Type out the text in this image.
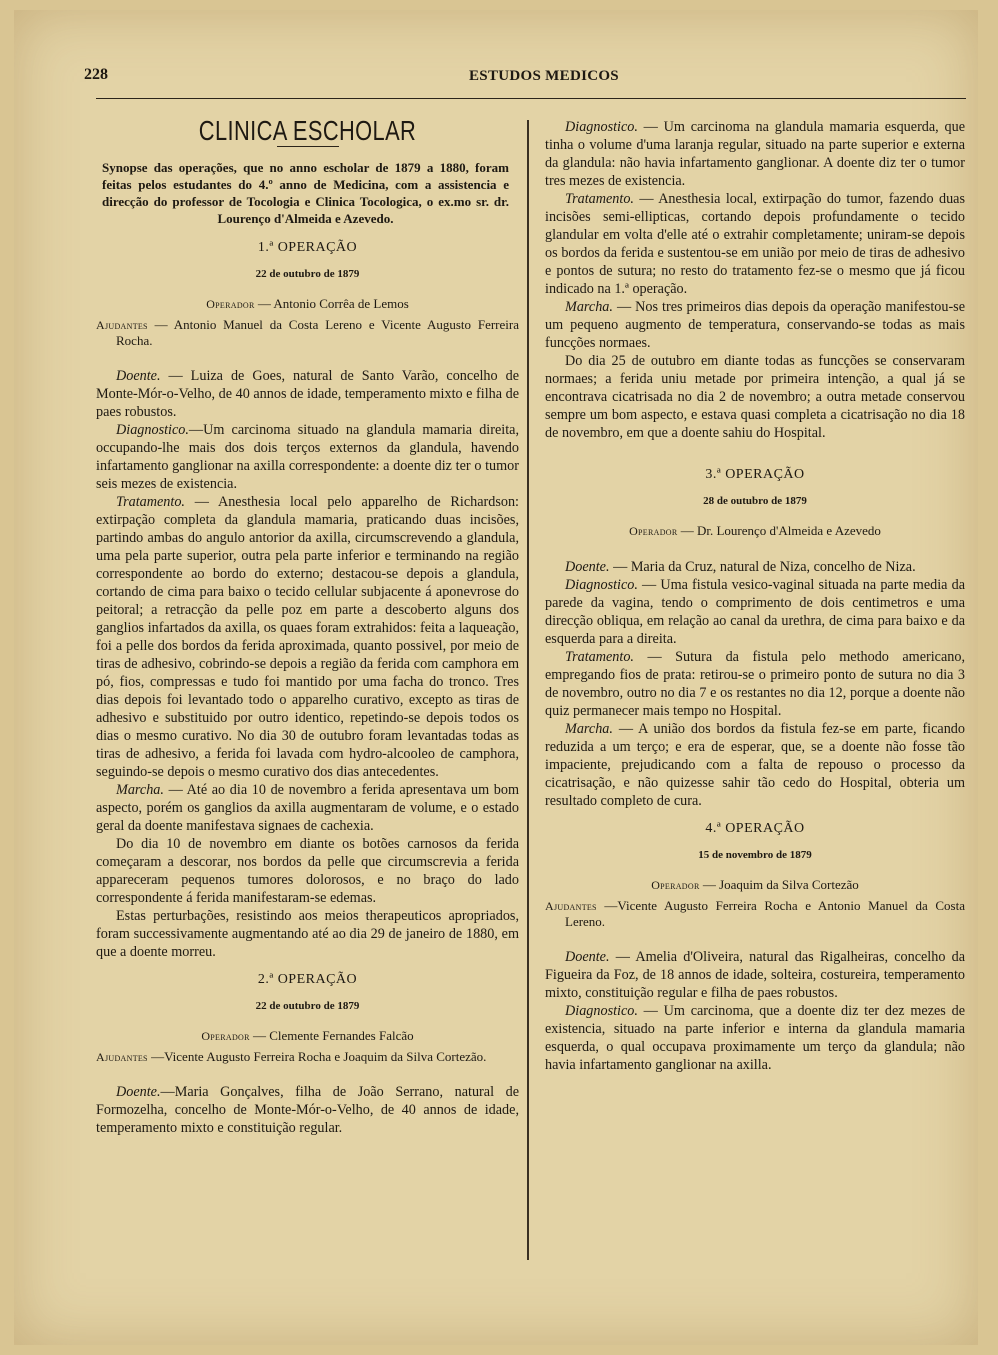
228	ESTUDOS MEDICOS
CLINICA ESCHOLAR
Synopse das operações, que no anno escholar de 1879 a 1880, foram feitas pelos estudantes do 4.º anno de Medicina, com a assistencia e direcção do professor de Tocologia e Clinica Tocologica, o ex.mo sr. dr. Lourenço d'Almeida e Azevedo.
1.ª OPERAÇÃO
22 de outubro de 1879
Operador — Antonio Corrêa de Lemos
Ajudantes — Antonio Manuel da Costa Lereno e Vicente Augusto Ferreira Rocha.

Doente. — Luiza de Goes, natural de Santo Varão, concelho de Monte-Mór-o-Velho, de 40 annos de idade, temperamento mixto e filha de paes robustos.

Diagnostico.—Um carcinoma situado na glandula mamaria direita, occupando-lhe mais dos dois terços externos da glandula, havendo infartamento ganglionar na axilla correspondente: a doente diz ter o tumor seis mezes de existencia.

Tratamento. — Anesthesia local pelo apparelho de Richardson: extirpação completa da glandula mamaria, praticando duas incisões, partindo ambas do angulo antorior da axilla, circumscrevendo a glandula, uma pela parte superior, outra pela parte inferior e terminando na região correspondente ao bordo do externo; destacou-se depois a glandula, cortando de cima para baixo o tecido cellular subjacente á aponevrose do peitoral; a retracção da pelle poz em parte a descoberto alguns dos ganglios infartados da axilla, os quaes foram extrahidos: feita a laqueação, foi a pelle dos bordos da ferida aproximada, quanto possivel, por meio de tiras de adhesivo, cobrindo-se depois a região da ferida com camphora em pó, fios, compressas e tudo foi mantido por uma facha do tronco. Tres dias depois foi levantado todo o apparelho curativo, excepto as tiras de adhesivo e substituido por outro identico, repetindo-se depois todos os dias o mesmo curativo. No dia 30 de outubro foram levantadas todas as tiras de adhesivo, a ferida foi lavada com hydro-alcooleo de camphora, seguindo-se depois o mesmo curativo dos dias antecedentes.

Marcha. — Até ao dia 10 de novembro a ferida apresentava um bom aspecto, porém os ganglios da axilla augmentaram de volume, e o estado geral da doente manifestava signaes de cachexia.

Do dia 10 de novembro em diante os botões carnosos da ferida começaram a descorar, nos bordos da pelle que circumscrevia a ferida appareceram pequenos tumores dolorosos, e no braço do lado correspondente á ferida manifestaram-se edemas.

Estas perturbações, resistindo aos meios therapeuticos apropriados, foram successivamente augmentando até ao dia 29 de janeiro de 1880, em que a doente morreu.

2.ª OPERAÇÃO
22 de outubro de 1879
Operador — Clemente Fernandes Falcão
Ajudantes —Vicente Augusto Ferreira Rocha e Joaquim da Silva Cortezão.

Doente.—Maria Gonçalves, filha de João Serrano, natural de Formozelha, concelho de Monte-Mór-o-Velho, de 40 annos de idade, temperamento mixto e constituição regular.

Diagnostico. — Um carcinoma na glandula mamaria esquerda, que tinha o volume d'uma laranja regular, situado na parte superior e externa da glandula: não havia infartamento ganglionar. A doente diz ter o tumor tres mezes de existencia.

Tratamento. — Anesthesia local, extirpação do tumor, fazendo duas incisões semi-ellipticas, cortando depois profundamente o tecido glandular em volta d'elle até o extrahir completamente; uniram-se depois os bordos da ferida e sustentou-se em união por meio de tiras de adhesivo e pontos de sutura; no resto do tratamento fez-se o mesmo que já ficou indicado na 1.ª operação.

Marcha. — Nos tres primeiros dias depois da operação manifestou-se um pequeno augmento de temperatura, conservando-se todas as mais funcções normaes.

Do dia 25 de outubro em diante todas as funcções se conservaram normaes; a ferida uniu metade por primeira intenção, a qual já se encontrava cicatrisada no dia 2 de novembro; a outra metade conservou sempre um bom aspecto, e estava quasi completa a cicatrisação no dia 18 de novembro, em que a doente sahiu do Hospital.

3.ª OPERAÇÃO
28 de outubro de 1879
Operador — Dr. Lourenço d'Almeida e Azevedo

Doente. — Maria da Cruz, natural de Niza, concelho de Niza.

Diagnostico. — Uma fistula vesico-vaginal situada na parte media da parede da vagina, tendo o comprimento de dois centimetros e uma direcção obliqua, em relação ao canal da urethra, de cima para baixo e da esquerda para a direita.

Tratamento. — Sutura da fistula pelo methodo americano, empregando fios de prata: retirou-se o primeiro ponto de sutura no dia 3 de novembro, outro no dia 7 e os restantes no dia 12, porque a doente não quiz permanecer mais tempo no Hospital.

Marcha. — A união dos bordos da fistula fez-se em parte, ficando reduzida a um terço; e era de esperar, que, se a doente não fosse tão impaciente, prejudicando com a falta de repouso o processo da cicatrisação, e não quizesse sahir tão cedo do Hospital, obteria um resultado completo de cura.

4.ª OPERAÇÃO
15 de novembro de 1879
Operador — Joaquim da Silva Cortezão
Ajudantes —Vicente Augusto Ferreira Rocha e Antonio Manuel da Costa Lereno.

Doente. — Amelia d'Oliveira, natural das Rigalheiras, concelho da Figueira da Foz, de 18 annos de idade, solteira, costureira, temperamento mixto, constituição regular e filha de paes robustos.

Diagnostico. — Um carcinoma, que a doente diz ter dez mezes de existencia, situado na parte inferior e interna da glandula mamaria esquerda, o qual occupava proximamente um terço da glandula; não havia infartamento ganglionar na axilla.
